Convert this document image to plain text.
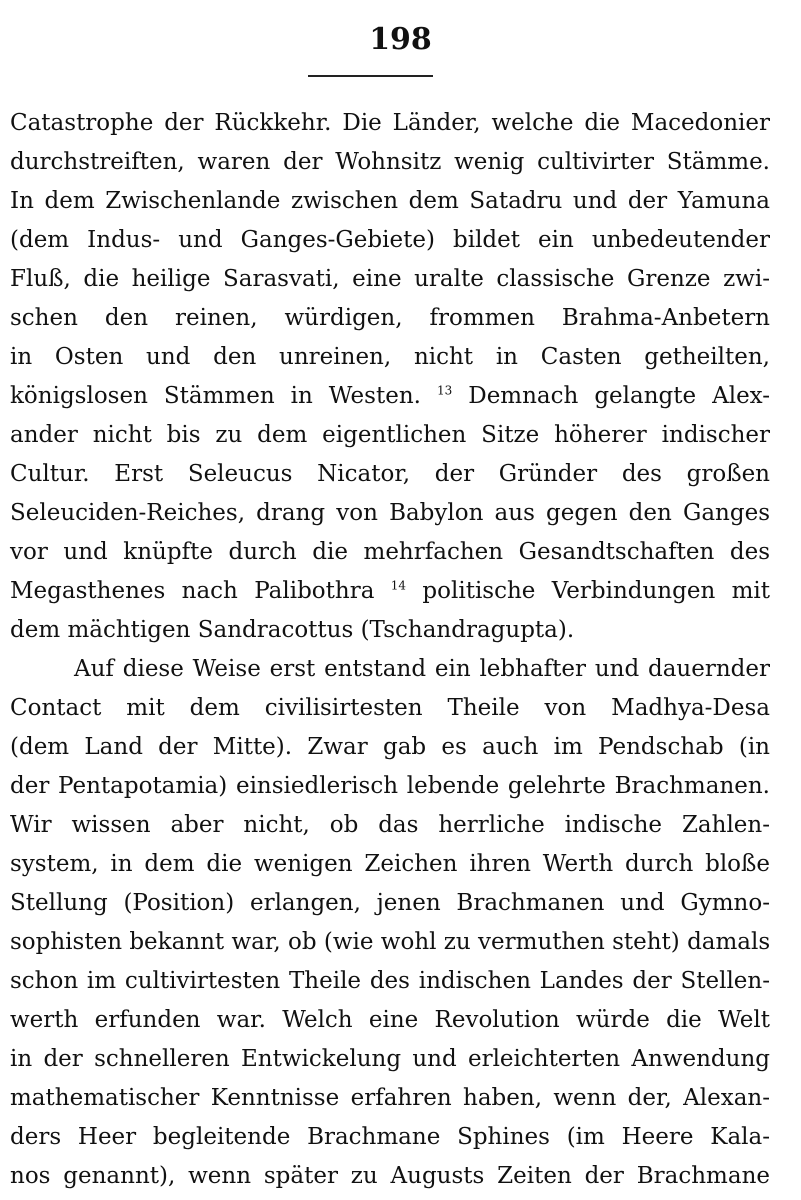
198
Catastrophe der Rückkehr. Die Länder, welche die Macedonier
durchstreiften, waren der Wohnsitz wenig cultivirter Stämme.
In dem Zwischenlande zwischen dem Satadru und der Yamuna
(dem Indus- und Ganges-Gebiete) bildet ein unbedeutender
Fluß, die heilige Sarasvati, eine uralte classische Grenze zwi-
schen den reinen, würdigen, frommen Brahma-Anbetern
in Osten und den unreinen, nicht in Casten getheilten,
königslosen Stämmen in Westen. $^{13}$ Demnach gelangte Alex-
ander nicht bis zu dem eigentlichen Sitze höherer indischer
Cultur. Erst Seleucus Nicator, der Gründer des großen
Seleuciden-Reiches, drang von Babylon aus gegen den Ganges
vor und knüpfte durch die mehrfachen Gesandtschaften des
Megasthenes nach Palibothra $^{14}$ politische Verbindungen mit
dem mächtigen Sandracottus (Tschandragupta).
Auf diese Weise erst entstand ein lebhafter und dauernder
Contact mit dem civilisirtesten Theile von Madhya-Desa
(dem Land der Mitte). Zwar gab es auch im Pendschab (in
der Pentapotamia) einsiedlerisch lebende gelehrte Brachmanen.
Wir wissen aber nicht, ob das herrliche indische Zahlen-
system, in dem die wenigen Zeichen ihren Werth durch bloße
Stellung (Position) erlangen, jenen Brachmanen und Gymno-
sophisten bekannt war, ob (wie wohl zu vermuthen steht) damals
schon im cultivirtesten Theile des indischen Landes der Stellen-
werth erfunden war. Welch eine Revolution würde die Welt
in der schnelleren Entwickelung und erleichterten Anwendung
mathematischer Kenntnisse erfahren haben, wenn der, Alexan-
ders Heer begleitende Brachmane Sphines (im Heere Kala-
nos genannt), wenn später zu Augusts Zeiten der Brachmane
